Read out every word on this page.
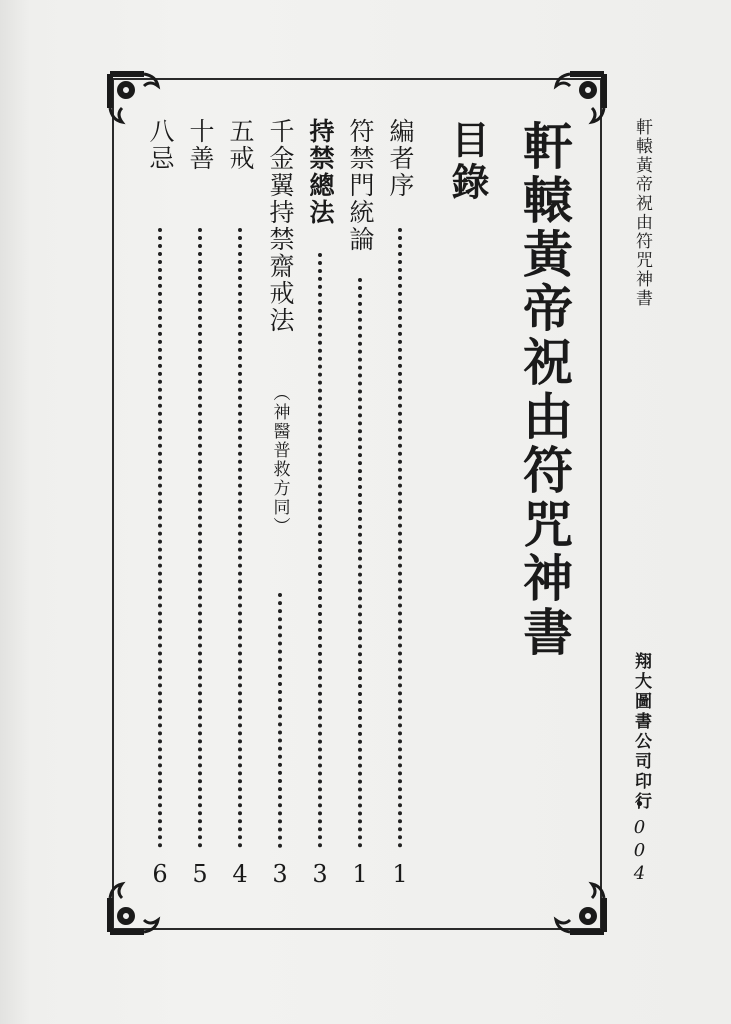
軒轅黃帝祝由符咒神書
目錄
編者序
1
符禁門統論
1
持禁總法
3
千金翼持禁齋戒法
（神醫普救方同）
3
五戒
4
十善
5
八忌
6
軒轅黃帝祝由符咒神書
翔大圖書公司印行
•004
